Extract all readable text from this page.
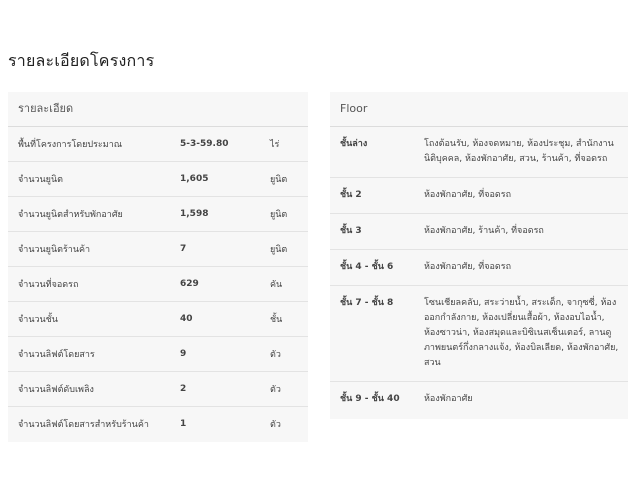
รายละเอียดโครงการ
รายละเอียด
พื้นที่โครงการโดยประมาณ	5-3-59.80	ไร่
จำนวนยูนิต	1,605	ยูนิต
จำนวนยูนิตสำหรับพักอาศัย	1,598	ยูนิต
จำนวนยูนิตร้านค้า	7	ยูนิต
จำนวนที่จอดรถ	629	คัน
จำนวนชั้น	40	ชั้น
จำนวนลิฟต์โดยสาร	9	ตัว
จำนวนลิฟต์ดับเพลิง	2	ตัว
จำนวนลิฟต์โดยสารสำหรับร้านค้า	1	ตัว
Floor
ชั้นล่าง	โถงต้อนรับ, ห้องจดหมาย, ห้องประชุม, สำนักงานนิติบุคคล, ห้องพักอาศัย, สวน, ร้านค้า, ที่จอดรถ
ชั้น 2	ห้องพักอาศัย, ที่จอดรถ
ชั้น 3	ห้องพักอาศัย, ร้านค้า, ที่จอดรถ
ชั้น 4 - ชั้น 6	ห้องพักอาศัย, ที่จอดรถ
ชั้น 7 - ชั้น 8	โซนเชียลคลับ, สระว่ายน้ำ, สระเด็ก, จากุซซี่, ห้องออกกำลังกาย, ห้องเปลี่ยนเสื้อผ้า, ห้องอบไอน้ำ, ห้องซาวน่า, ห้องสมุดและบิซิเนสเซ็นเตอร์, ลานดูภาพยนตร์กึ่งกลางแจ้ง, ห้องบิลเลียด, ห้องพักอาศัย, สวน
ชั้น 9 - ชั้น 40	ห้องพักอาศัย
